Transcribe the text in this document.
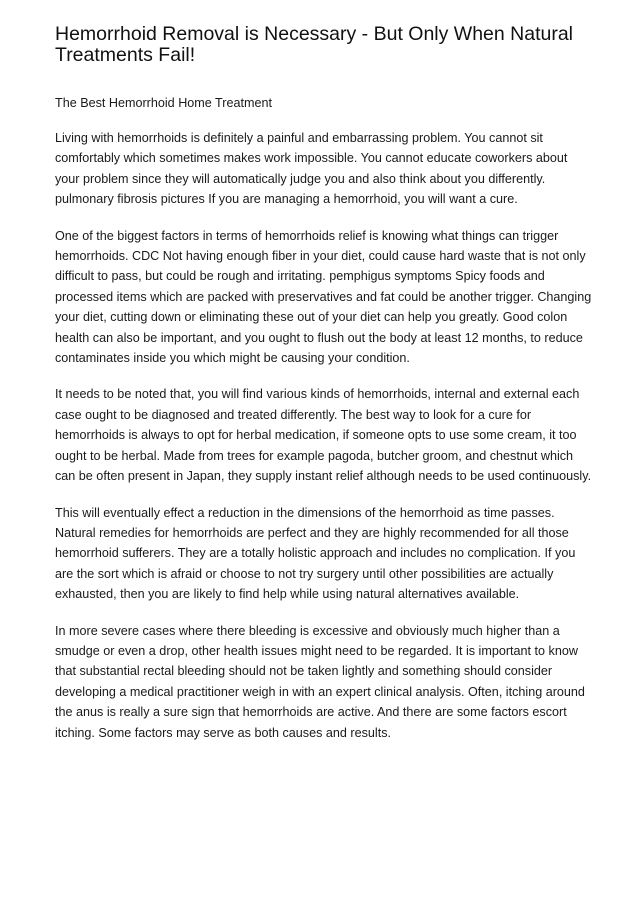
Hemorrhoid Removal is Necessary - But Only When Natural Treatments Fail!

The Best Hemorrhoid Home Treatment

Living with hemorrhoids is definitely a painful and embarrassing problem. You cannot sit comfortably which sometimes makes work impossible. You cannot educate coworkers about your problem since they will automatically judge you and also think about you differently. pulmonary fibrosis pictures If you are managing a hemorrhoid, you will want a cure.

One of the biggest factors in terms of hemorrhoids relief is knowing what things can trigger hemorrhoids. CDC Not having enough fiber in your diet, could cause hard waste that is not only difficult to pass, but could be rough and irritating. pemphigus symptoms Spicy foods and processed items which are packed with preservatives and fat could be another trigger. Changing your diet, cutting down or eliminating these out of your diet can help you greatly. Good colon health can also be important, and you ought to flush out the body at least 12 months, to reduce contaminates inside you which might be causing your condition.

It needs to be noted that, you will find various kinds of hemorrhoids, internal and external each case ought to be diagnosed and treated differently. The best way to look for a cure for hemorrhoids is always to opt for herbal medication, if someone opts to use some cream, it too ought to be herbal. Made from trees for example pagoda, butcher groom, and chestnut which can be often present in Japan, they supply instant relief although needs to be used continuously.

This will eventually effect a reduction in the dimensions of the hemorrhoid as time passes. Natural remedies for hemorrhoids are perfect and they are highly recommended for all those hemorrhoid sufferers. They are a totally holistic approach and includes no complication. If you are the sort which is afraid or choose to not try surgery until other possibilities are actually exhausted, then you are likely to find help while using natural alternatives available.

In more severe cases where there bleeding is excessive and obviously much higher than a smudge or even a drop, other health issues might need to be regarded. It is important to know that substantial rectal bleeding should not be taken lightly and something should consider developing a medical practitioner weigh in with an expert clinical analysis. Often, itching around the anus is really a sure sign that hemorrhoids are active. And there are some factors escort itching. Some factors may serve as both causes and results.
